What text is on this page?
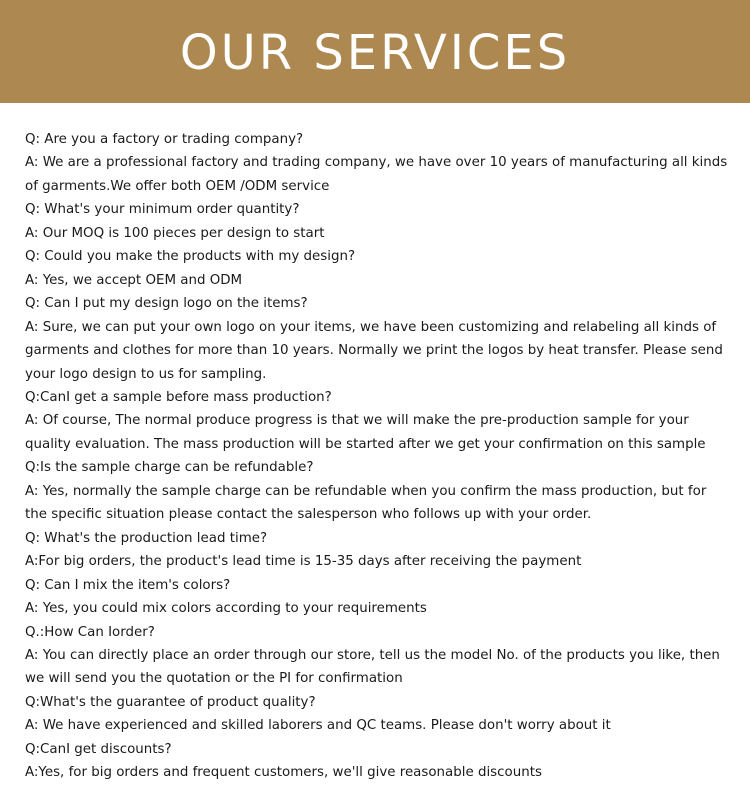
OUR SERVICES

Q: Are you a factory or trading company?

A: We are a professional factory and trading company, we have over 10 years of manufacturing all kinds of garments.We offer both OEM /ODM service

Q: What's your minimum order quantity?

A: Our MOQ is 100 pieces per design to start

Q: Could you make the products with my design?

A: Yes, we accept OEM and ODM

Q: Can I put my design logo on the items?

A: Sure, we can put your own logo on your items, we have been customizing and relabeling all kinds of garments and clothes for more than 10 years. Normally we print the logos by heat transfer. Please send your logo design to us for sampling.

Q:CanI get a sample before mass production?

A: Of course, The normal produce progress is that we will make the pre-production sample for your quality evaluation. The mass production will be started after we get your confirmation on this sample

Q:Is the sample charge can be refundable?

A: Yes, normally the sample charge can be refundable when you confirm the mass production, but for the specific situation please contact the salesperson who follows up with your order.

Q: What's the production lead time?

A:For big orders, the product's lead time is 15-35 days after receiving the payment

Q: Can I mix the item's colors?

A: Yes, you could mix colors according to your requirements

Q.:How Can Iorder?

A: You can directly place an order through our store, tell us the model No. of the products you like, then we will send you the quotation or the PI for confirmation

Q:What's the guarantee of product quality?

A: We have experienced and skilled laborers and QC teams. Please don't worry about it

Q:CanI get discounts?

A:Yes, for big orders and frequent customers, we'll give reasonable discounts
